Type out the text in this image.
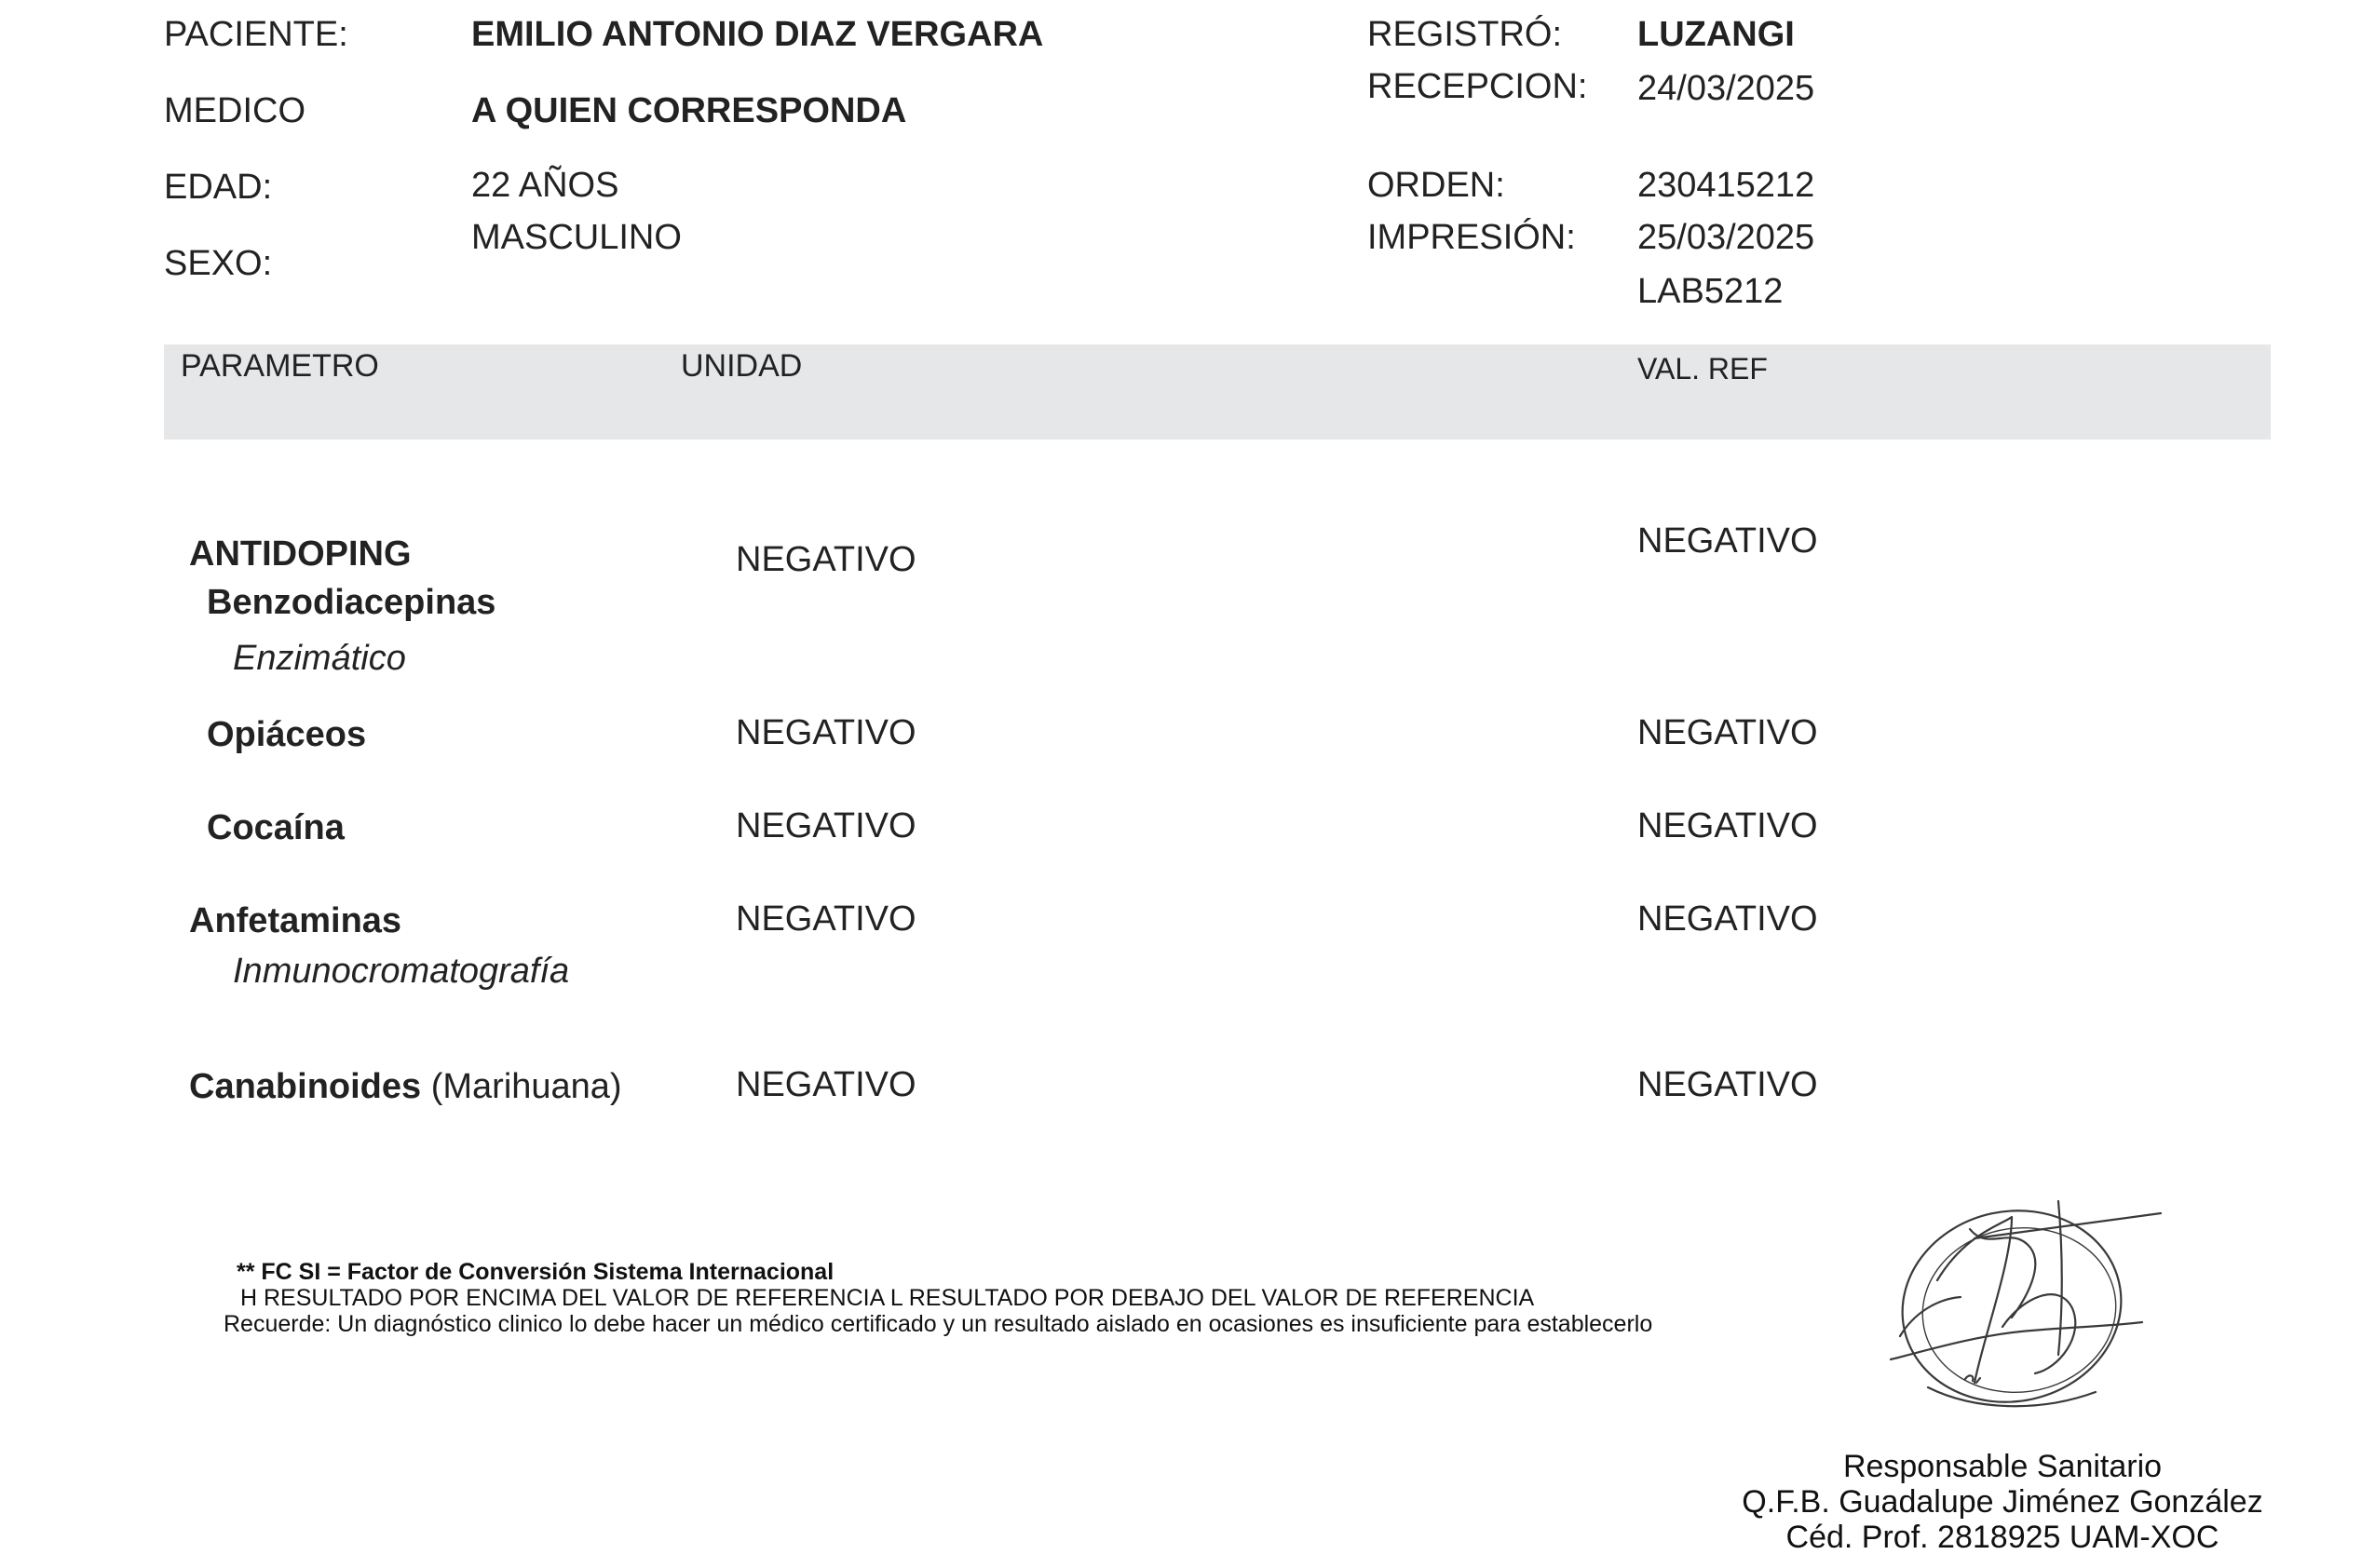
PACIENTE:	EMILIO ANTONIO DIAZ VERGARA
MEDICO	A QUIEN CORRESPONDA
EDAD:	22 AÑOS
SEXO:
MASCULINO
REGISTRÓ: LUZANGI
RECEPCION: 24/03/2025
ORDEN:	230415212
IMPRESIÓN: 25/03/2025
LAB5212
PARAMETRO	UNIDAD	VAL. REF
ANTIDOPING
Benzodiacepinas
Enzimático
NEGATIVO	NEGATIVO
Opiáceos	NEGATIVO	NEGATIVO
Cocaína	NEGATIVO	NEGATIVO
Anfetaminas
Inmunocromatografía
NEGATIVO	NEGATIVO
Canabinoides (Marihuana)	NEGATIVO	NEGATIVO
** FC SI = Factor de Conversión Sistema Internacional
H RESULTADO POR ENCIMA DEL VALOR DE REFERENCIA L RESULTADO POR DEBAJO DEL VALOR DE REFERENCIA
Recuerde: Un diagnóstico clinico lo debe hacer un médico certificado y un resultado aislado en ocasiones es insuficiente para establecerlo
Responsable Sanitario
Q.F.B. Guadalupe Jiménez González
Céd. Prof. 2818925 UAM-XOC
